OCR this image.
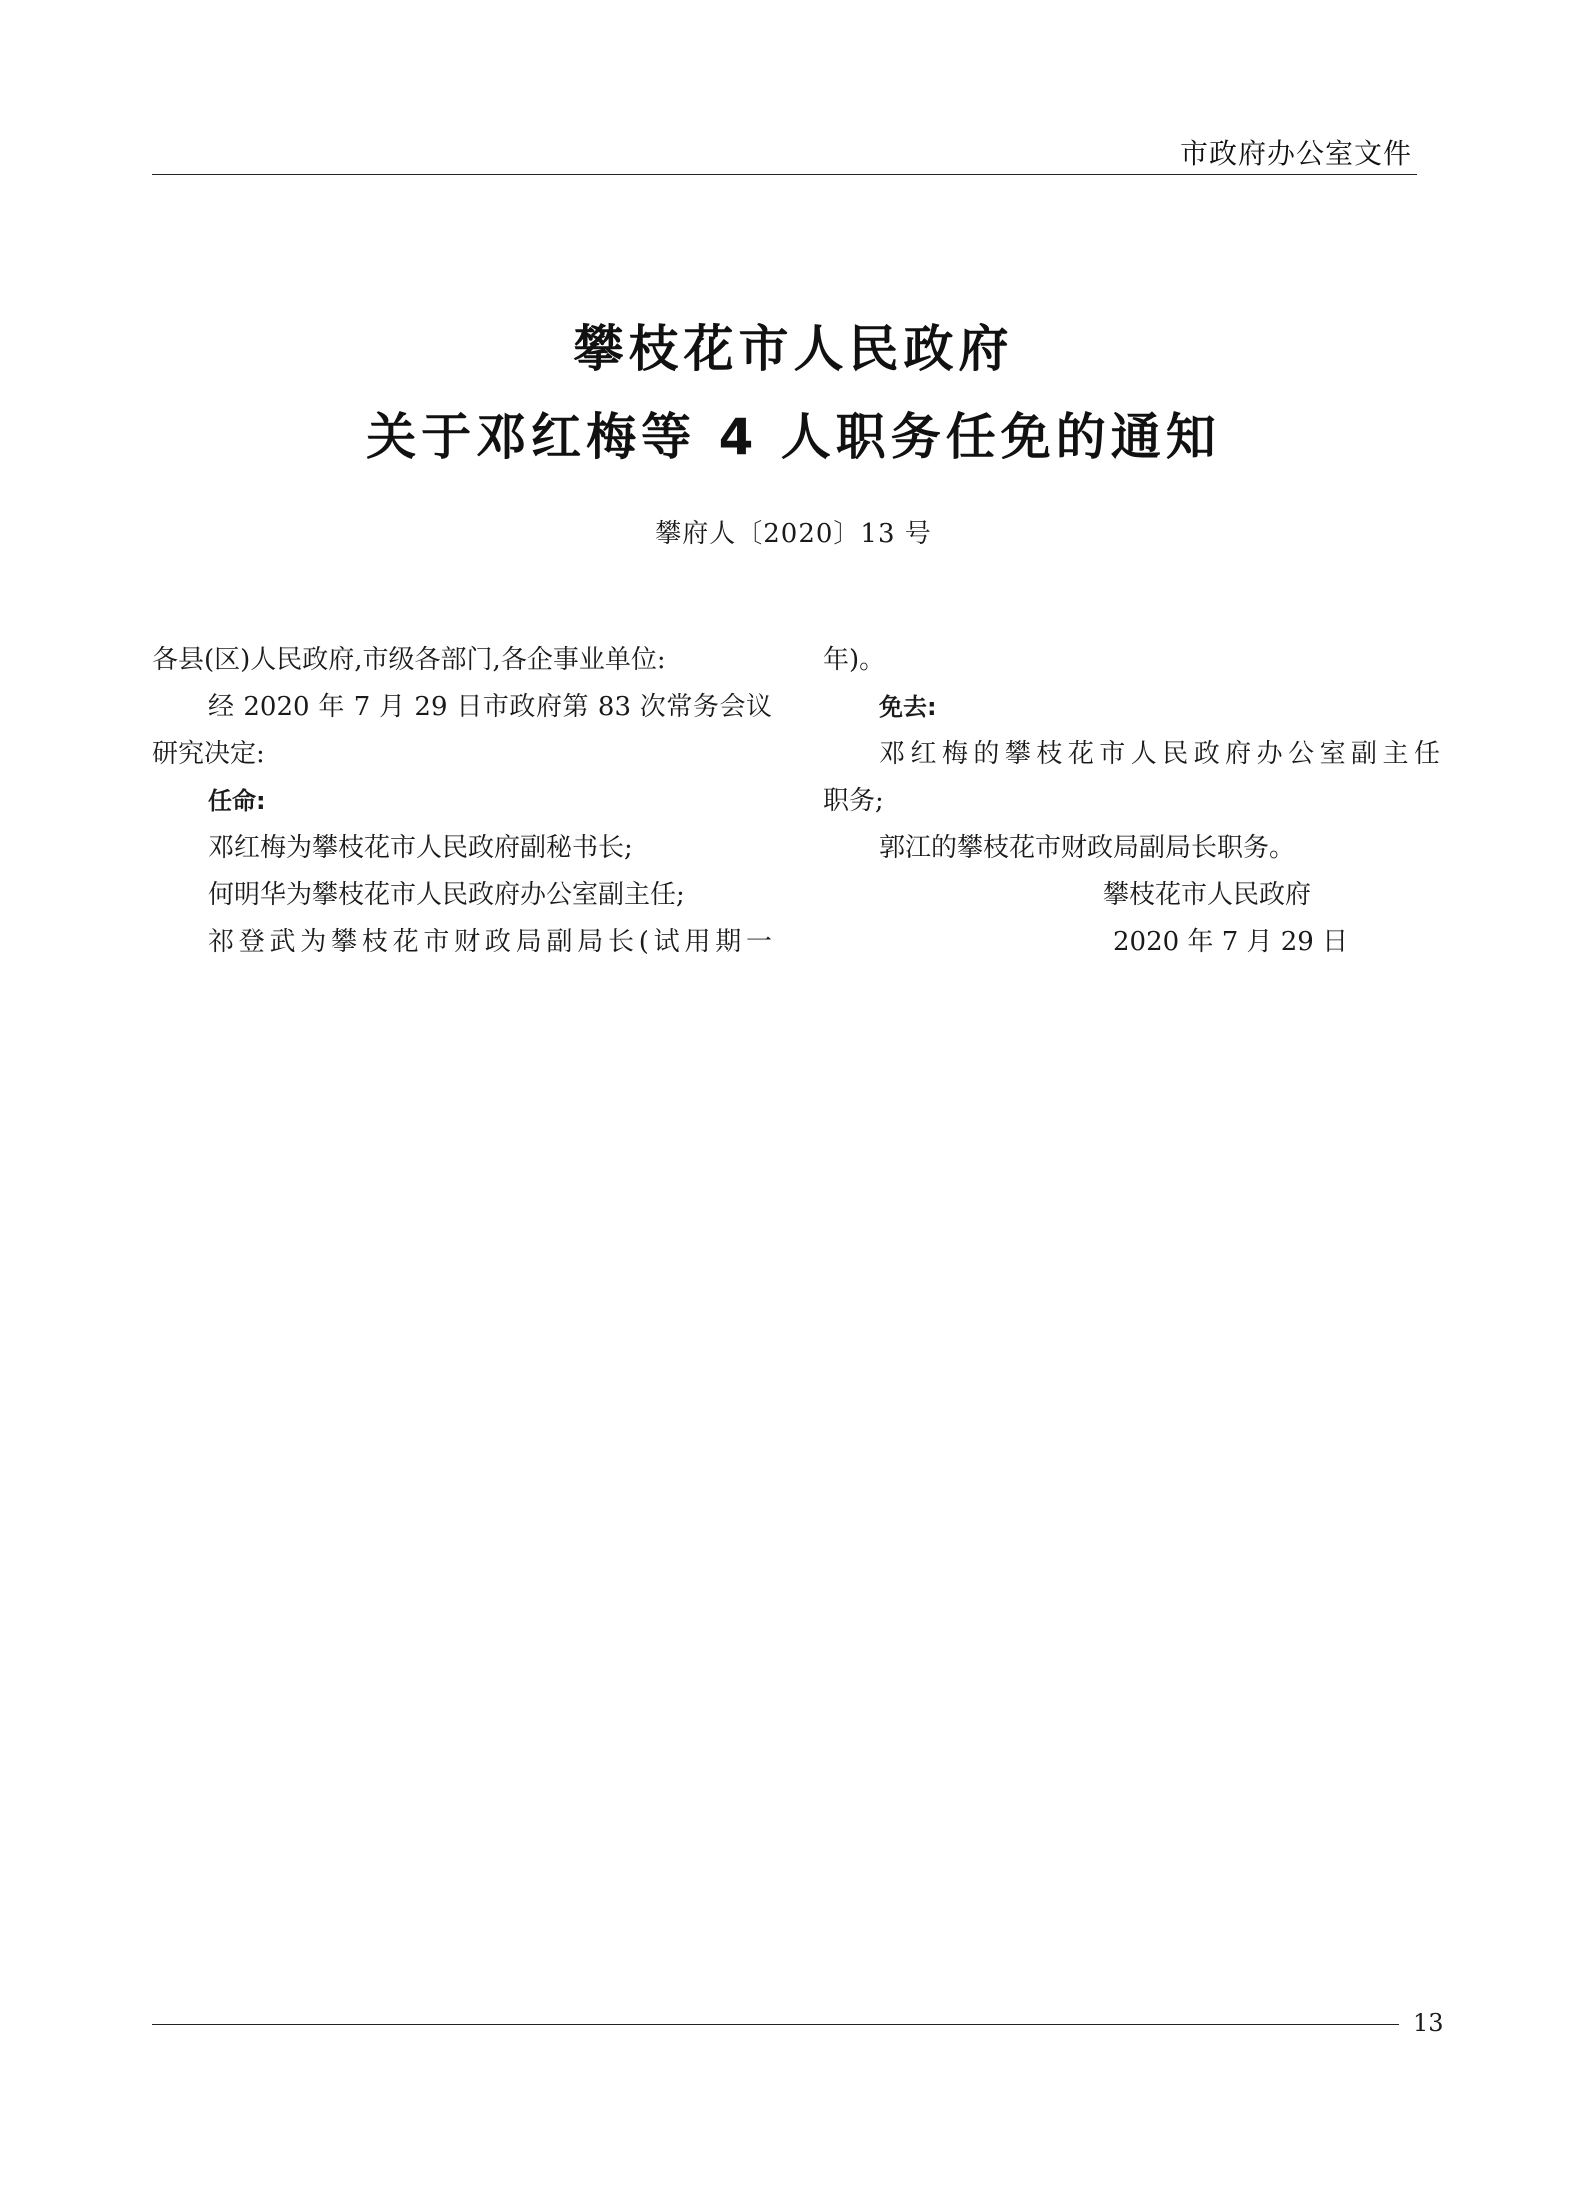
市政府办公室文件
攀枝花市人民政府
关于邓红梅等 4 人职务任免的通知
攀府人〔2020〕13 号
各县(区)人民政府,市级各部门,各企事业单位:
经 2020 年 7 月 29 日市政府第 83 次常务会议
研究决定:
任命:
邓红梅为攀枝花市人民政府副秘书长;
何明华为攀枝花市人民政府办公室副主任;
祁登武为攀枝花市财政局副局长(试用期一
年)。
免去:
邓红梅的攀枝花市人民政府办公室副主任
职务;
郭江的攀枝花市财政局副局长职务。
攀枝花市人民政府
2020 年 7 月 29 日
13
